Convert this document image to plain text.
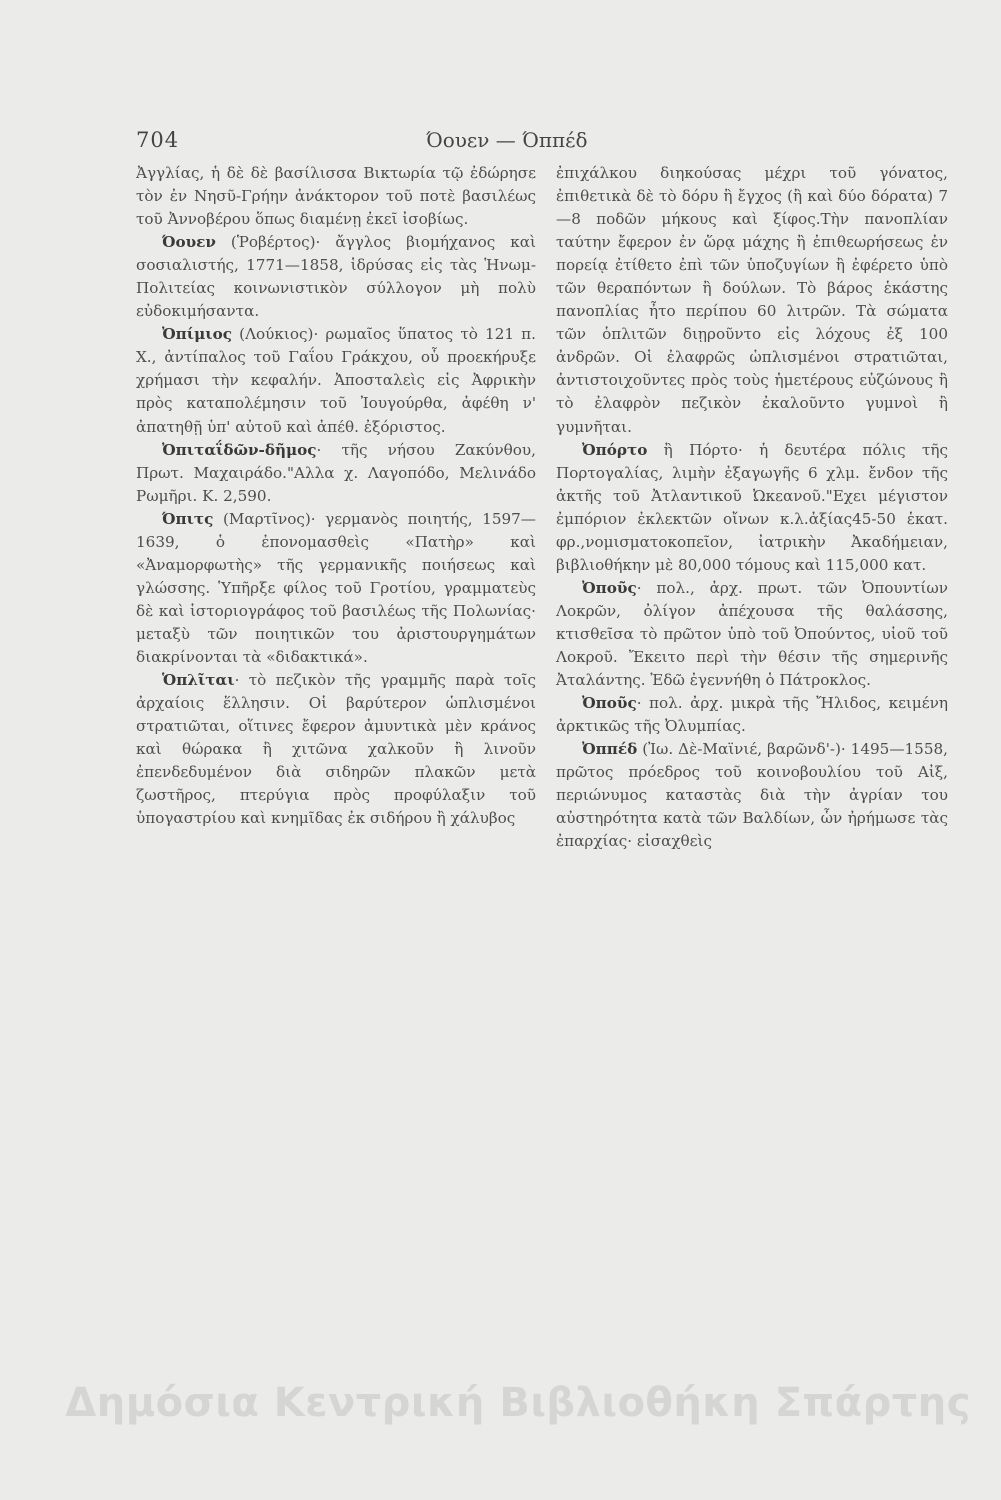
704	Όουεν — Όππέδ

Ἀγγλίας, ἡ δὲ δὲ βασίλισσα Βικτωρία τῷ ἐδώρησε τὸν ἐν Νησῦ-Γρήην ἀνάκτορον τοῦ ποτὲ βασιλέως τοῦ Ἀννοβέρου ὅπως διαμένῃ ἐκεῖ ἰσοβίως.

Όουεν (Ῥοβέρτος)· ἄγγλος βιομήχανος καὶ σοσιαλιστής, 1771—1858, ἱδρύσας εἰς τὰς Ἡνωμ-Πολιτείας κοινωνιστικὸν σύλλογον μὴ πολὺ εὐδοκιμήσαντα.

Ὀπίμιος (Λούκιος)· ρωμαῖος ὕπατος τὸ 121 π. Χ., ἀντίπαλος τοῦ Γαΐου Γράκχου, οὗ προεκήρυξε χρήμασι τὴν κεφαλήν. Ἀποσταλεὶς εἰς Ἀφρικὴν πρὸς καταπολέμησιν τοῦ Ἰουγούρθα, ἀφέθη ν' ἀπατηθῇ ὑπ' αὐτοῦ καὶ ἀπέθ. ἐξόριστος.

Ὀπιταΐδῶν-δῆμος· τῆς νήσου Ζακύνθου, Πρωτ. Μαχαιράδο."Αλλα χ. Λαγοπόδο, Μελινάδο Ρωμῆρι. Κ. 2,590.

Όπιτς (Μαρτῖνος)· γερμανὸς ποιητής, 1597—1639, ὁ ἐπονομασθεὶς «Πατὴρ» καὶ «Ἀναμορφωτὴς» τῆς γερμανικῆς ποιήσεως καὶ γλώσσης. Ὑπῆρξε φίλος τοῦ Γροτίου, γραμματεὺς δὲ καὶ ἱστοριογράφος τοῦ βασιλέως τῆς Πολωνίας· μεταξὺ τῶν ποιητικῶν του ἀριστουργημάτων διακρίνονται τὰ «διδακτικά».

Ὁπλῖται· τὸ πεζικὸν τῆς γραμμῆς παρὰ τοῖς ἀρχαίοις ἕλλησιν. Οἱ βαρύτερον ὡπλισμένοι στρατιῶται, οἵτινες ἔφερον ἀμυντικὰ μὲν κράνος καὶ θώρακα ἢ χιτῶνα χαλκοῦν ἢ λινοῦν ἐπενδεδυμένον διὰ σιδηρῶν πλακῶν μετὰ ζωστῆρος, πτερύγια πρὸς προφύλαξιν τοῦ ὑπογαστρίου καὶ κνημῖδας ἐκ σιδήρου ἢ χάλυβος

ἐπιχάλκου διηκούσας μέχρι τοῦ γόνατος, ἐπιθετικὰ δὲ τὸ δόρυ ἢ ἔγχος (ἢ καὶ δύο δόρατα) 7—8 ποδῶν μήκους καὶ ξίφος.Τὴν πανοπλίαν ταύτην ἔφερον ἐν ὥρᾳ μάχης ἢ ἐπιθεωρήσεως ἐν πορείᾳ ἐτίθετο ἐπὶ τῶν ὑποζυγίων ἢ ἐφέρετο ὑπὸ τῶν θεραπόντων ἢ δούλων. Τὸ βάρος ἑκάστης πανοπλίας ἦτο περίπου 60 λιτρῶν. Τὰ σώματα τῶν ὁπλιτῶν διῃροῦντο εἰς λόχους ἐξ 100 ἀνδρῶν. Οἱ ἐλαφρῶς ὡπλισμένοι στρατιῶται, ἀντιστοιχοῦντες πρὸς τοὺς ἡμετέρους εὐζώνους ἢ τὸ ἐλαφρὸν πεζικὸν ἐκαλοῦντο γυμνοὶ ἢ γυμνῆται.

Ὀπόρτο ἢ Πόρτο· ἡ δευτέρα πόλις τῆς Πορτογαλίας, λιμὴν ἐξαγωγῆς 6 χλμ. ἔνδον τῆς ἀκτῆς τοῦ Ἀτλαντικοῦ Ὠκεανοῦ."Εχει μέγιστον ἐμπόριον ἐκλεκτῶν οἴνων κ.λ.ἀξίας45-50 ἑκατ. φρ.,νομισματοκοπεῖον, ἰατρικὴν Ἀκαδήμειαν, βιβλιοθήκην μὲ 80,000 τόμους καὶ 115,000 κατ.

Ὀποῦς· πολ., ἀρχ. πρωτ. τῶν Ὀπουντίων Λοκρῶν, ὀλίγον ἀπέχουσα τῆς θαλάσσης, κτισθεῖσα τὸ πρῶτον ὑπὸ τοῦ Ὀπούντος, υἱοῦ τοῦ Λοκροῦ. Ἔκειτο περὶ τὴν θέσιν τῆς σημερινῆς Ἀταλάντης. Ἐδῶ ἐγεννήθη ὁ Πάτροκλος.

Ὀποῦς· πολ. ἀρχ. μικρὰ τῆς Ἤλιδος, κειμένη ἀρκτικῶς τῆς Ὀλυμπίας.

Ὀππέδ (Ἰω. Δὲ-Μαϊνιέ, βαρῶνδ'-)· 1495—1558, πρῶτος πρόεδρος τοῦ κοινοβουλίου τοῦ Αἰξ, περιώνυμος καταστὰς διὰ τὴν ἀγρίαν του αὐστηρότητα κατὰ τῶν Βαλδίων, ὧν ἠρήμωσε τὰς ἐπαρχίας· εἰσαχθεὶς

Δημόσια Κεντρική Βιβλιοθήκη Σπάρτης
